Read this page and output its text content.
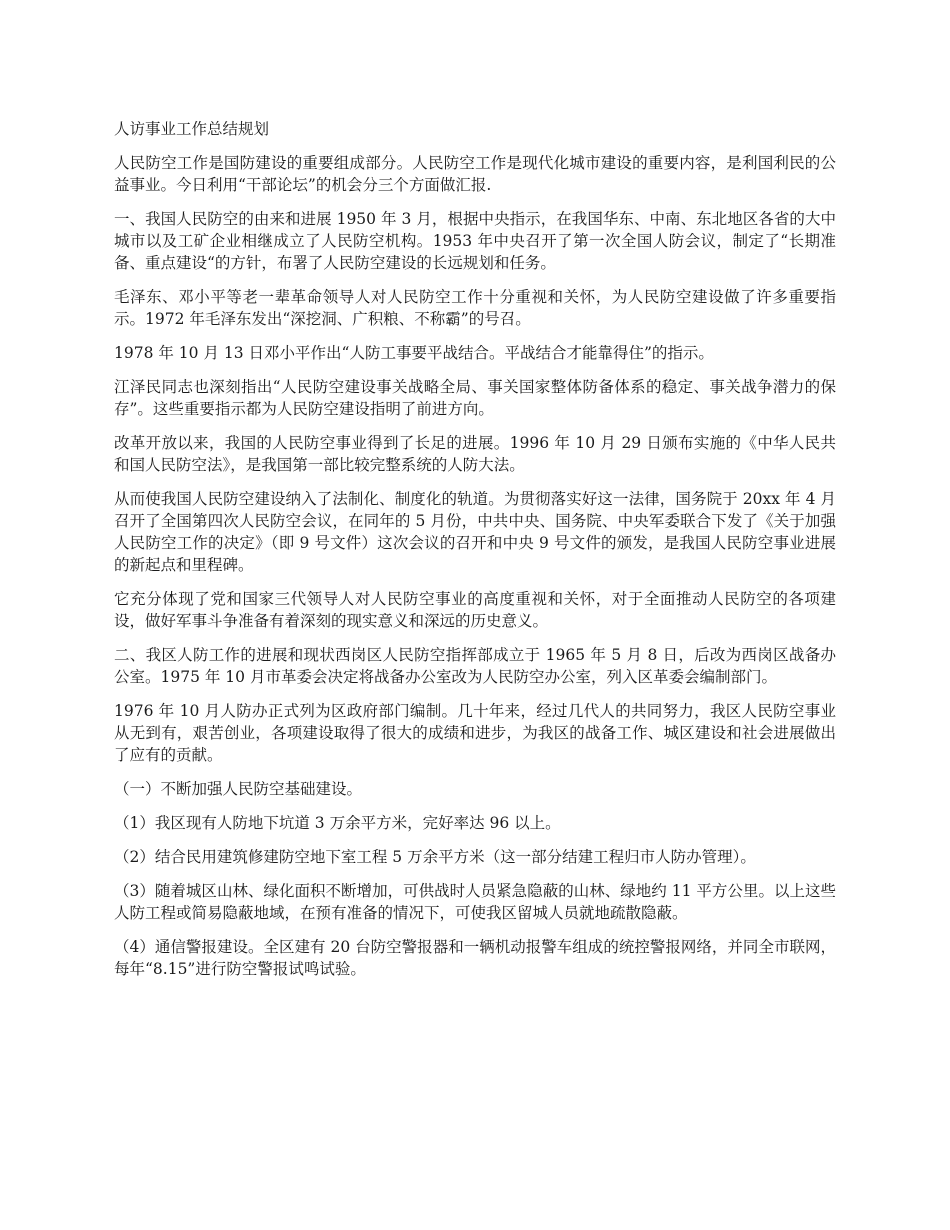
人访事业工作总结规划

人民防空工作是国防建设的重要组成部分。人民防空工作是现代化城市建设的重要内容，是利国利民的公益事业。今日利用“干部论坛”的机会分三个方面做汇报.

一、我国人民防空的由来和进展 1950 年 3 月，根据中央指示，在我国华东、中南、东北地区各省的大中城市以及工矿企业相继成立了人民防空机构。1953 年中央召开了第一次全国人防会议，制定了“长期准备、重点建设“的方针，布署了人民防空建设的长远规划和任务。

毛泽东、邓小平等老一辈革命领导人对人民防空工作十分重视和关怀，为人民防空建设做了许多重要指示。1972 年毛泽东发出“深挖洞、广积粮、不称霸”的号召。

1978 年 10 月 13 日邓小平作出“人防工事要平战结合。平战结合才能靠得住”的指示。

江泽民同志也深刻指出“人民防空建设事关战略全局、事关国家整体防备体系的稳定、事关战争潜力的保存”。这些重要指示都为人民防空建设指明了前进方向。

改革开放以来，我国的人民防空事业得到了长足的进展。1996 年 10 月 29 日颁布实施的《中华人民共和国人民防空法》，是我国第一部比较完整系统的人防大法。

从而使我国人民防空建设纳入了法制化、制度化的轨道。为贯彻落实好这一法律，国务院于 20xx 年 4 月召开了全国第四次人民防空会议，在同年的 5 月份，中共中央、国务院、中央军委联合下发了《关于加强人民防空工作的决定》（即 9 号文件）这次会议的召开和中央 9 号文件的颁发，是我国人民防空事业进展的新起点和里程碑。

它充分体现了党和国家三代领导人对人民防空事业的高度重视和关怀，对于全面推动人民防空的各项建设，做好军事斗争准备有着深刻的现实意义和深远的历史意义。

二、我区人防工作的进展和现状西岗区人民防空指挥部成立于 1965 年 5 月 8 日，后改为西岗区战备办公室。1975 年 10 月市革委会决定将战备办公室改为人民防空办公室，列入区革委会编制部门。

1976 年 10 月人防办正式列为区政府部门编制。几十年来，经过几代人的共同努力，我区人民防空事业从无到有，艰苦创业，各项建设取得了很大的成绩和进步，为我区的战备工作、城区建设和社会进展做出了应有的贡献。

（一）不断加强人民防空基础建设。

（1）我区现有人防地下坑道 3 万余平方米，完好率达 96 以上。

（2）结合民用建筑修建防空地下室工程 5 万余平方米（这一部分结建工程归市人防办管理）。

（3）随着城区山林、绿化面积不断增加，可供战时人员紧急隐蔽的山林、绿地约 11 平方公里。以上这些人防工程或简易隐蔽地域，在预有准备的情况下，可使我区留城人员就地疏散隐蔽。

（4）通信警报建设。全区建有 20 台防空警报器和一辆机动报警车组成的统控警报网络，并同全市联网，每年“8.15”进行防空警报试鸣试验。
